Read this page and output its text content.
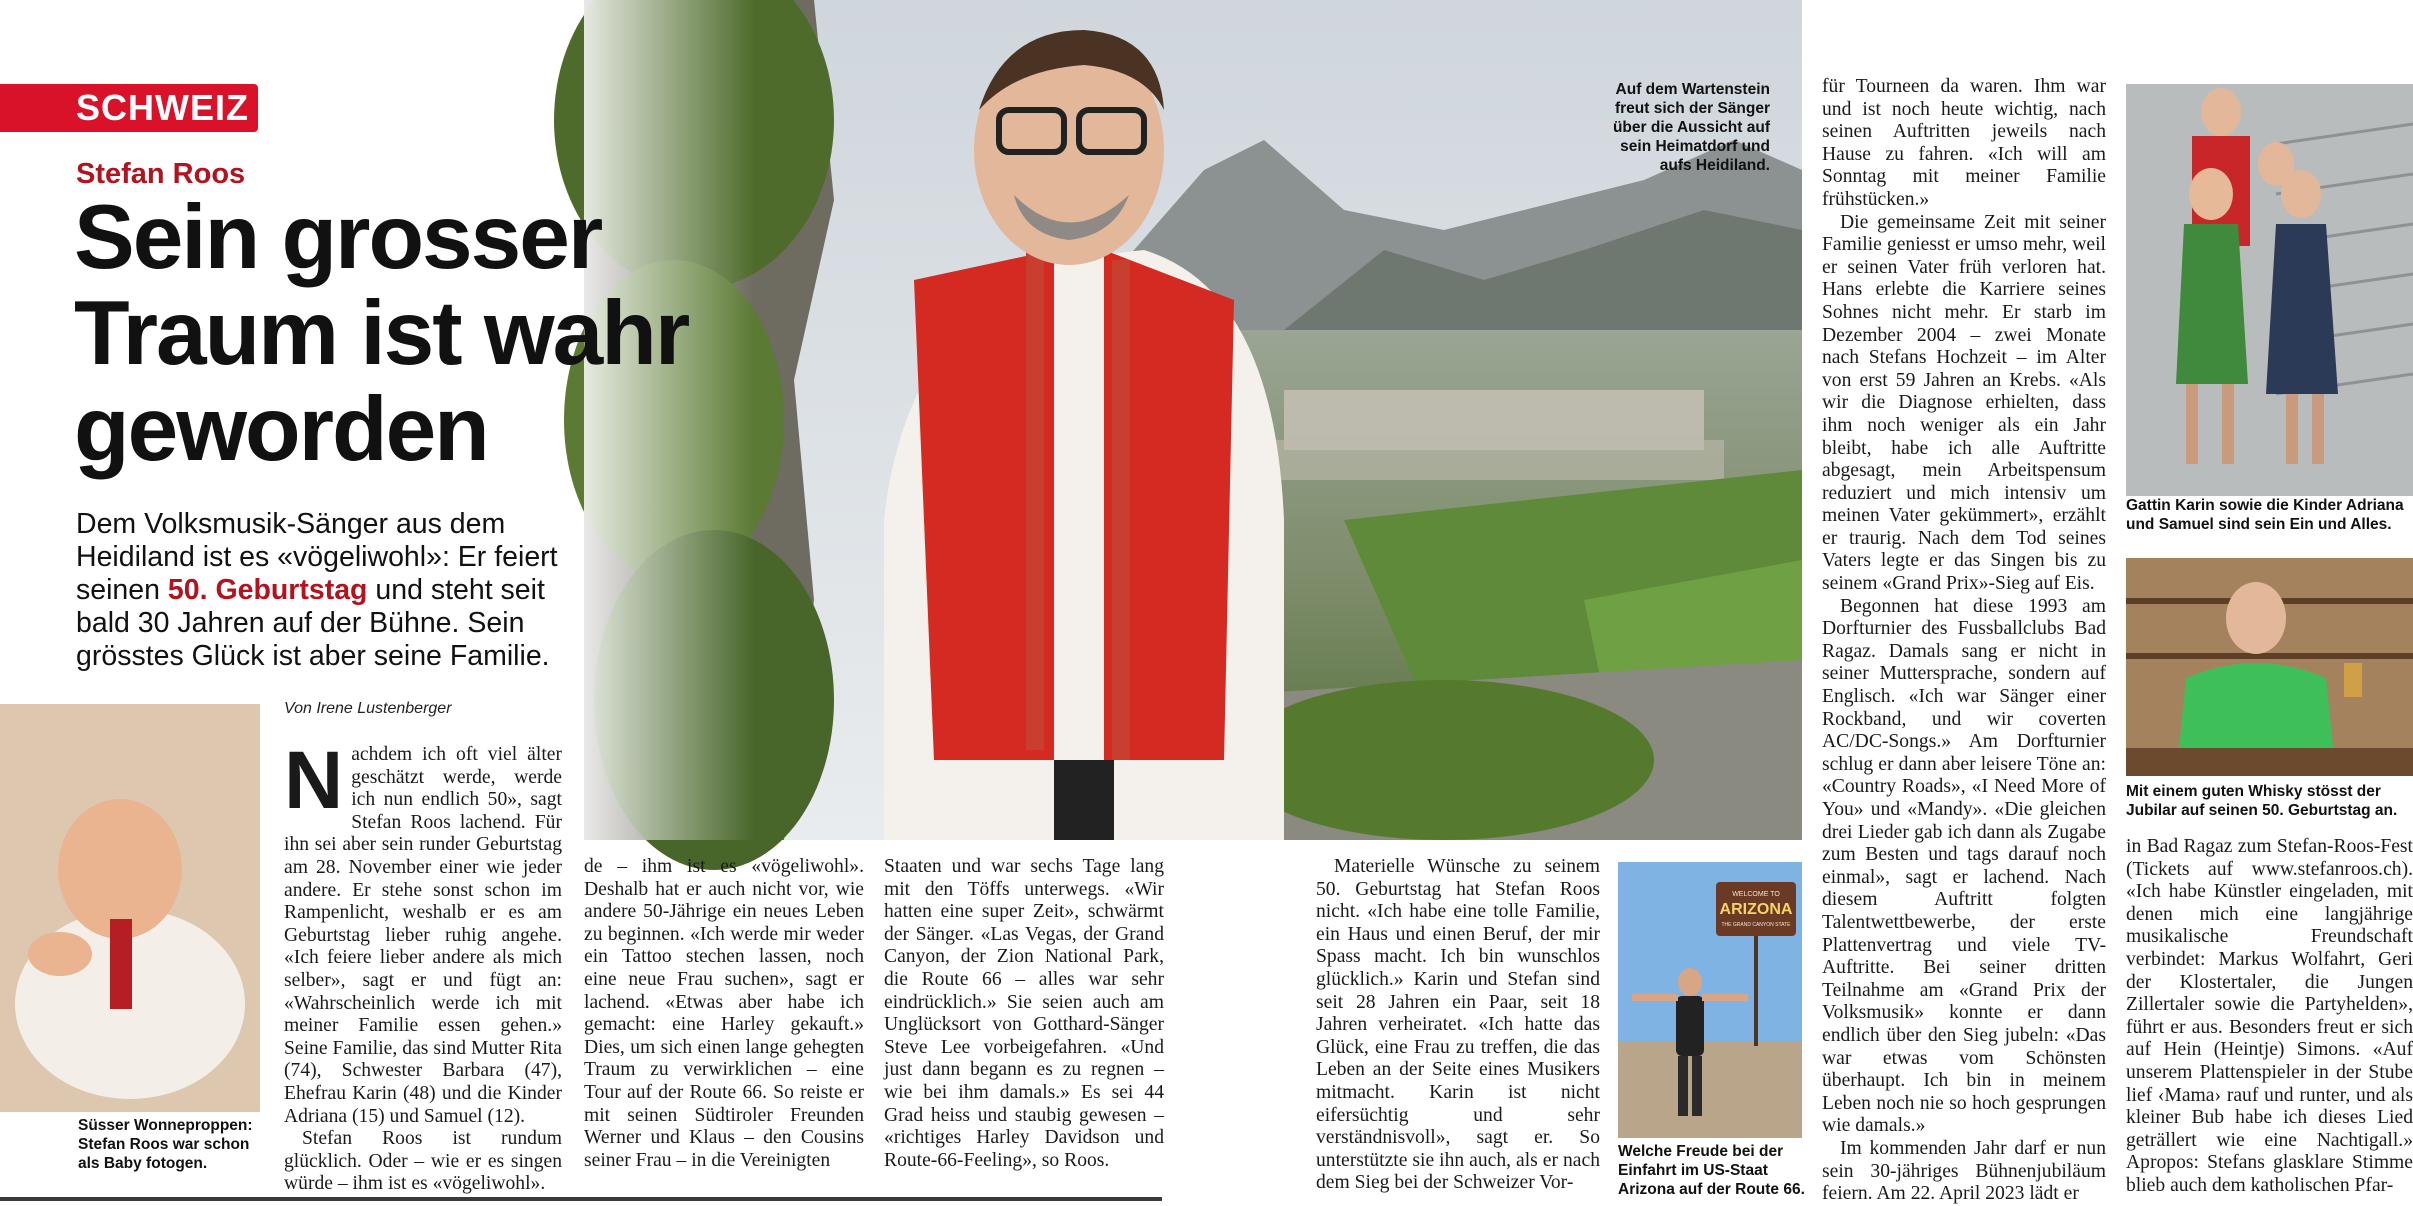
SCHWEIZ
Stefan Roos
Auf dem Wartenstein freut sich der Sänger über die Aussicht auf sein Heimatdorf und aufs Heidiland.
Sein grosser Traum ist wahr geworden
Dem Volksmusik-Sänger aus dem Heidiland ist es «vögeliwohl»: Er feiert seinen 50. Geburtstag und steht seit bald 30 Jahren auf der Bühne. Sein grösstes Glück ist aber seine Familie.
Süsser Wonneproppen: Stefan Roos war schon als Baby fotogen.
Von Irene Lustenberger

Nachdem ich oft viel älter geschätzt werde, werde ich nun endlich 50», sagt Stefan Roos lachend. Für ihn sei aber sein runder Geburtstag am 28. November einer wie jeder andere. Er stehe sonst schon im Rampenlicht, weshalb er es am Geburtstag lieber ruhig angehe. «Ich feiere lieber andere als mich selber», sagt er und fügt an: «Wahrscheinlich werde ich mit meiner Familie essen gehen.» Seine Familie, das sind Mutter Rita (74), Schwester Barbara (47), Ehefrau Karin (48) und die Kinder Adriana (15) und Samuel (12).

Stefan Roos ist rundum glücklich. Oder – wie er es singen würde – ihm ist es «vögeliwohl».

de – ihm ist es «vögeliwohl». Deshalb hat er auch nicht vor, wie andere 50-Jährige ein neues Leben zu beginnen. «Ich werde mir weder ein Tattoo stechen lassen, noch eine neue Frau suchen», sagt er lachend. «Etwas aber habe ich gemacht: eine Harley gekauft.» Dies, um sich einen lange gehegten Traum zu verwirklichen – eine Tour auf der Route 66. So reiste er mit seinen Südtiroler Freunden Werner und Klaus – den Cousins seiner Frau – in die Vereinigten

Staaten und war sechs Tage lang mit den Töffs unterwegs. «Wir hatten eine super Zeit», schwärmt der Sänger. «Las Vegas, der Grand Canyon, der Zion National Park, die Route 66 – alles war sehr eindrücklich.» Sie seien auch am Unglücksort von Gotthard-Sänger Steve Lee vorbeigefahren. «Und just dann begann es zu regnen – wie bei ihm damals.» Es sei 44 Grad heiss und staubig gewesen – «richtiges Harley Davidson und Route-66-Feeling», so Roos.

Materielle Wünsche zu seinem 50. Geburtstag hat Stefan Roos nicht. «Ich habe eine tolle Familie, ein Haus und einen Beruf, der mir Spass macht. Ich bin wunschlos glücklich.» Karin und Stefan sind seit 28 Jahren ein Paar, seit 18 Jahren verheiratet. «Ich hatte das Glück, eine Frau zu treffen, die das Leben an der Seite eines Musikers mitmacht. Karin ist nicht eifersüchtig und sehr verständnisvoll», sagt er. So unterstützte sie ihn auch, als er nach dem Sieg bei der Schweizer Vor-

WELCOME TO
ARIZONA
THE GRAND CANYON STATE
Welche Freude bei der Einfahrt im US-Staat Arizona auf der Route 66.

für Tourneen da waren. Ihm war und ist noch heute wichtig, nach seinen Auftritten jeweils nach Hause zu fahren. «Ich will am Sonntag mit meiner Familie frühstücken.»

Die gemeinsame Zeit mit seiner Familie geniesst er umso mehr, weil er seinen Vater früh verloren hat. Hans erlebte die Karriere seines Sohnes nicht mehr. Er starb im Dezember 2004 – zwei Monate nach Stefans Hochzeit – im Alter von erst 59 Jahren an Krebs. «Als wir die Diagnose erhielten, dass ihm noch weniger als ein Jahr bleibt, habe ich alle Auftritte abgesagt, mein Arbeitspensum reduziert und mich intensiv um meinen Vater gekümmert», erzählt er traurig. Nach dem Tod seines Vaters legte er das Singen bis zu seinem «Grand Prix»-Sieg auf Eis.

Begonnen hat diese 1993 am Dorfturnier des Fussballclubs Bad Ragaz. Damals sang er nicht in seiner Muttersprache, sondern auf Englisch. «Ich war Sänger einer Rockband, und wir coverten AC/DC-Songs.» Am Dorfturnier schlug er dann aber leisere Töne an: «Country Roads», «I Need More of You» und «Mandy». «Die gleichen drei Lieder gab ich dann als Zugabe zum Besten und tags darauf noch einmal», sagt er lachend. Nach diesem Auftritt folgten Talentwettbewerbe, der erste Plattenvertrag und viele TV-Auftritte. Bei seiner dritten Teilnahme am «Grand Prix der Volksmusik» konnte er dann endlich über den Sieg jubeln: «Das war etwas vom Schönsten überhaupt. Ich bin in meinem Leben noch nie so hoch gesprungen wie damals.»

Im kommenden Jahr darf er nun sein 30-jähriges Bühnenjubiläum feiern. Am 22. April 2023 lädt er

Gattin Karin sowie die Kinder Adriana und Samuel sind sein Ein und Alles.
Mit einem guten Whisky stösst der Jubilar auf seinen 50. Geburtstag an.

in Bad Ragaz zum Stefan-Roos-Fest (Tickets auf www.stefanroos.ch). «Ich habe Künstler eingeladen, mit denen mich eine langjährige musikalische Freundschaft verbindet: Markus Wolfahrt, Geri der Klostertaler, die Jungen Zillertaler sowie die Partyhelden», führt er aus. Besonders freut er sich auf Hein (Heintje) Simons. «Auf unserem Plattenspieler in der Stube lief ‹Mama› rauf und runter, und als kleiner Bub habe ich dieses Lied geträllert wie eine Nachtigall.» Apropos: Stefans glasklare Stimme blieb auch dem katholischen Pfar-
